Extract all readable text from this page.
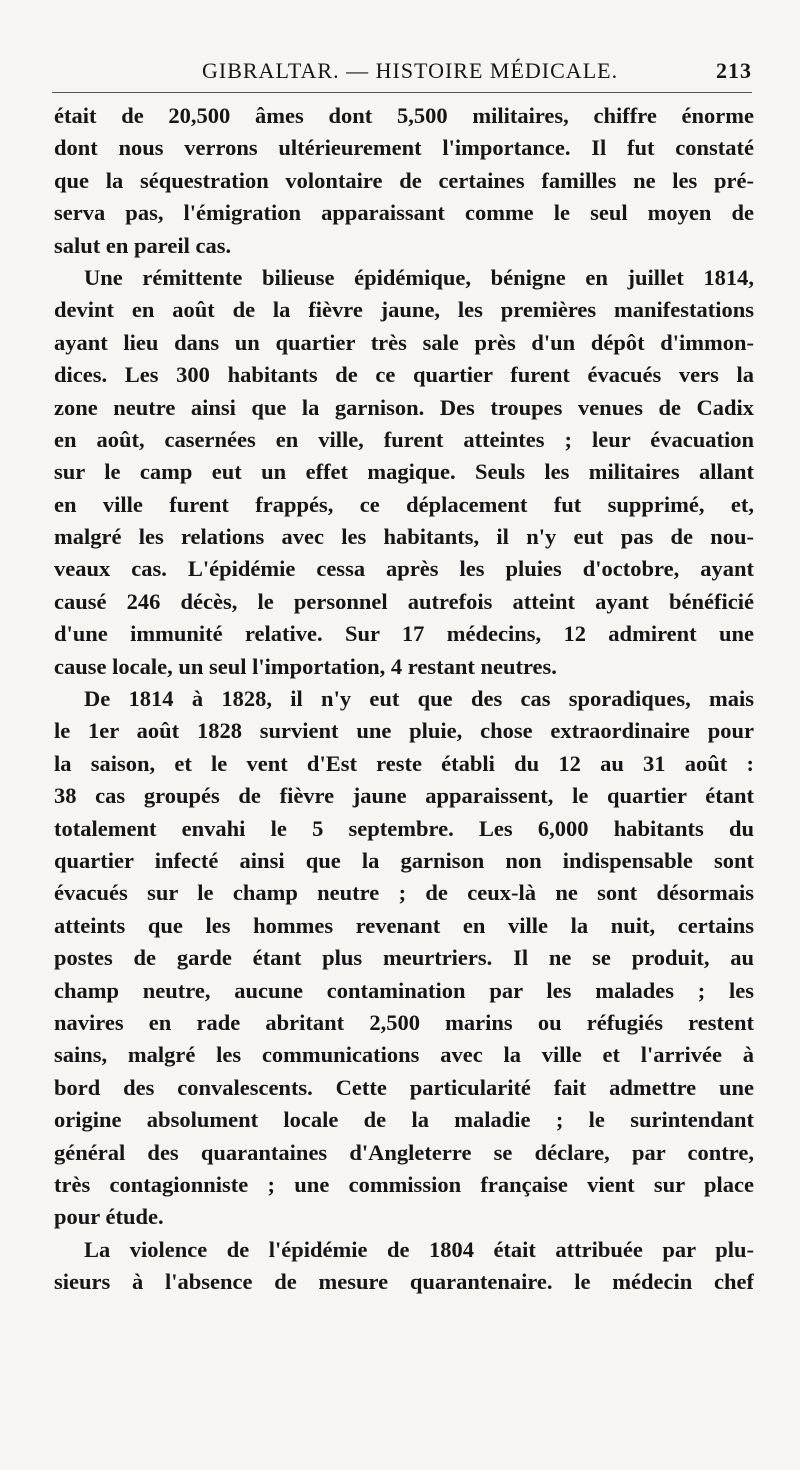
GIBRALTAR. — HISTOIRE MÉDICALE.	213
était de 20,500 âmes dont 5,500 militaires, chiffre énorme
dont nous verrons ultérieurement l'importance. Il fut constaté
que la séquestration volontaire de certaines familles ne les pré-
serva pas, l'émigration apparaissant comme le seul moyen de
salut en pareil cas.
Une rémittente bilieuse épidémique, bénigne en juillet 1814,
devint en août de la fièvre jaune, les premières manifestations
ayant lieu dans un quartier très sale près d'un dépôt d'immon-
dices. Les 300 habitants de ce quartier furent évacués vers la
zone neutre ainsi que la garnison. Des troupes venues de Cadix
en août, casernées en ville, furent atteintes ; leur évacuation
sur le camp eut un effet magique. Seuls les militaires allant
en ville furent frappés, ce déplacement fut supprimé, et,
malgré les relations avec les habitants, il n'y eut pas de nou-
veaux cas. L'épidémie cessa après les pluies d'octobre, ayant
causé 246 décès, le personnel autrefois atteint ayant bénéficié
d'une immunité relative. Sur 17 médecins, 12 admirent une
cause locale, un seul l'importation, 4 restant neutres.
De 1814 à 1828, il n'y eut que des cas sporadiques, mais
le 1er août 1828 survient une pluie, chose extraordinaire pour
la saison, et le vent d'Est reste établi du 12 au 31 août :
38 cas groupés de fièvre jaune apparaissent, le quartier étant
totalement envahi le 5 septembre. Les 6,000 habitants du
quartier infecté ainsi que la garnison non indispensable sont
évacués sur le champ neutre ; de ceux-là ne sont désormais
atteints que les hommes revenant en ville la nuit, certains
postes de garde étant plus meurtriers. Il ne se produit, au
champ neutre, aucune contamination par les malades ; les
navires en rade abritant 2,500 marins ou réfugiés restent
sains, malgré les communications avec la ville et l'arrivée à
bord des convalescents. Cette particularité fait admettre une
origine absolument locale de la maladie ; le surintendant
général des quarantaines d'Angleterre se déclare, par contre,
très contagionniste ; une commission française vient sur place
pour étude.
La violence de l'épidémie de 1804 était attribuée par plu-
sieurs à l'absence de mesure quarantenaire. le médecin chef
